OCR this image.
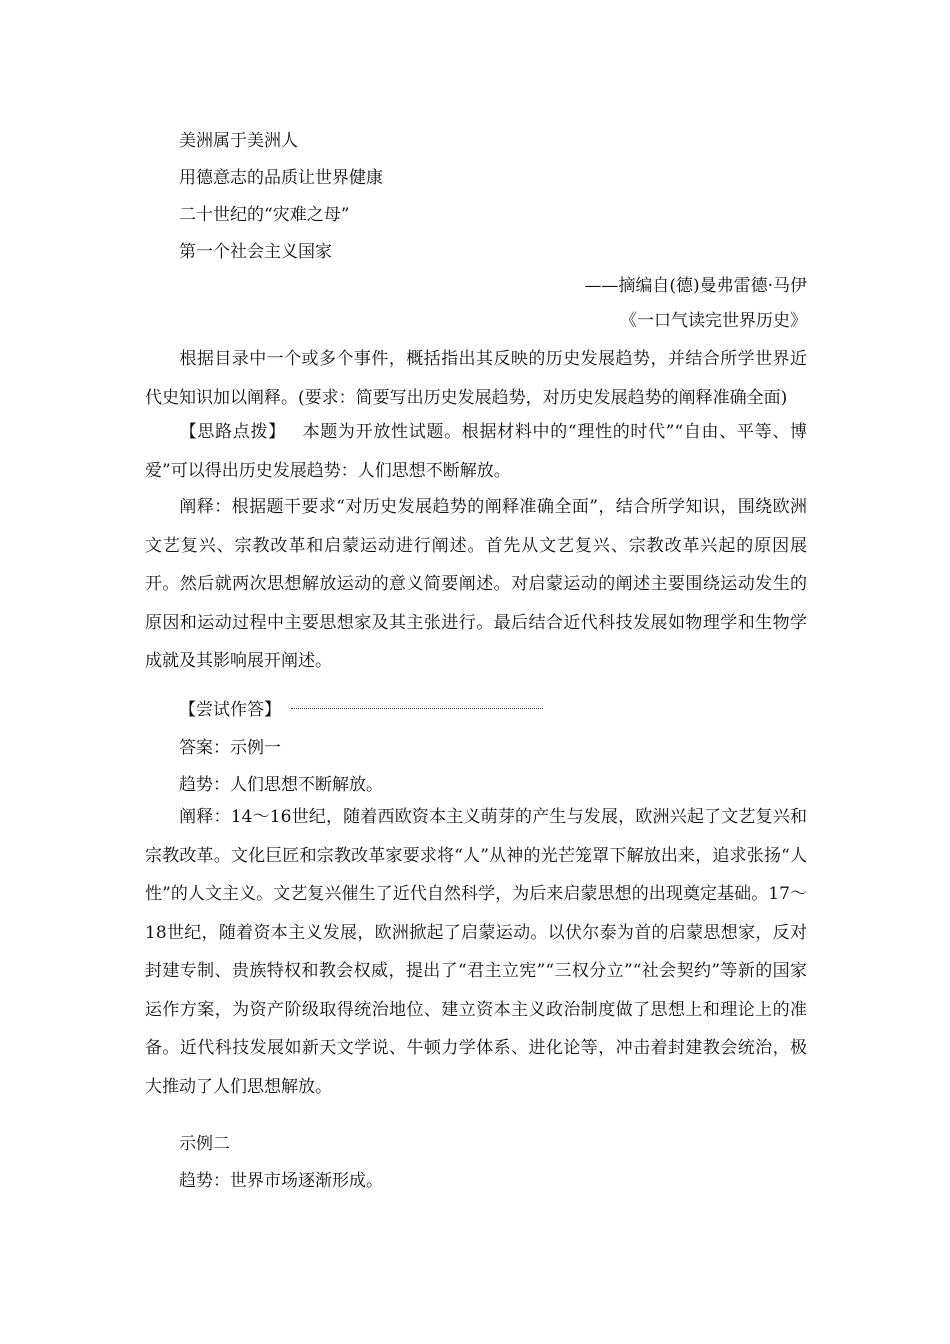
美洲属于美洲人
用德意志的品质让世界健康
二十世纪的“灾难之母”
第一个社会主义国家
——摘编自(德)曼弗雷德·马伊
《一口气读完世界历史》
根据目录中一个或多个事件，概括指出其反映的历史发展趋势，并结合所学世界近代史知识加以阐释。(要求：简要写出历史发展趋势，对历史发展趋势的阐释准确全面)
【思路点拨】 本题为开放性试题。根据材料中的“理性的时代”“自由、平等、博爱”可以得出历史发展趋势：人们思想不断解放。
阐释：根据题干要求“对历史发展趋势的阐释准确全面”，结合所学知识，围绕欧洲文艺复兴、宗教改革和启蒙运动进行阐述。首先从文艺复兴、宗教改革兴起的原因展开。然后就两次思想解放运动的意义简要阐述。对启蒙运动的阐述主要围绕运动发生的原因和运动过程中主要思想家及其主张进行。最后结合近代科技发展如物理学和生物学成就及其影响展开阐述。
【尝试作答】
答案：示例一
趋势：人们思想不断解放。
阐释：14～16世纪，随着西欧资本主义萌芽的产生与发展，欧洲兴起了文艺复兴和宗教改革。文化巨匠和宗教改革家要求将“人”从神的光芒笼罩下解放出来，追求张扬“人性”的人文主义。文艺复兴催生了近代自然科学，为后来启蒙思想的出现奠定基础。17～18世纪，随着资本主义发展，欧洲掀起了启蒙运动。以伏尔泰为首的启蒙思想家，反对封建专制、贵族特权和教会权威，提出了“君主立宪”“三权分立”“社会契约”等新的国家运作方案，为资产阶级取得统治地位、建立资本主义政治制度做了思想上和理论上的准备。近代科技发展如新天文学说、牛顿力学体系、进化论等，冲击着封建教会统治，极大推动了人们思想解放。
示例二
趋势：世界市场逐渐形成。
